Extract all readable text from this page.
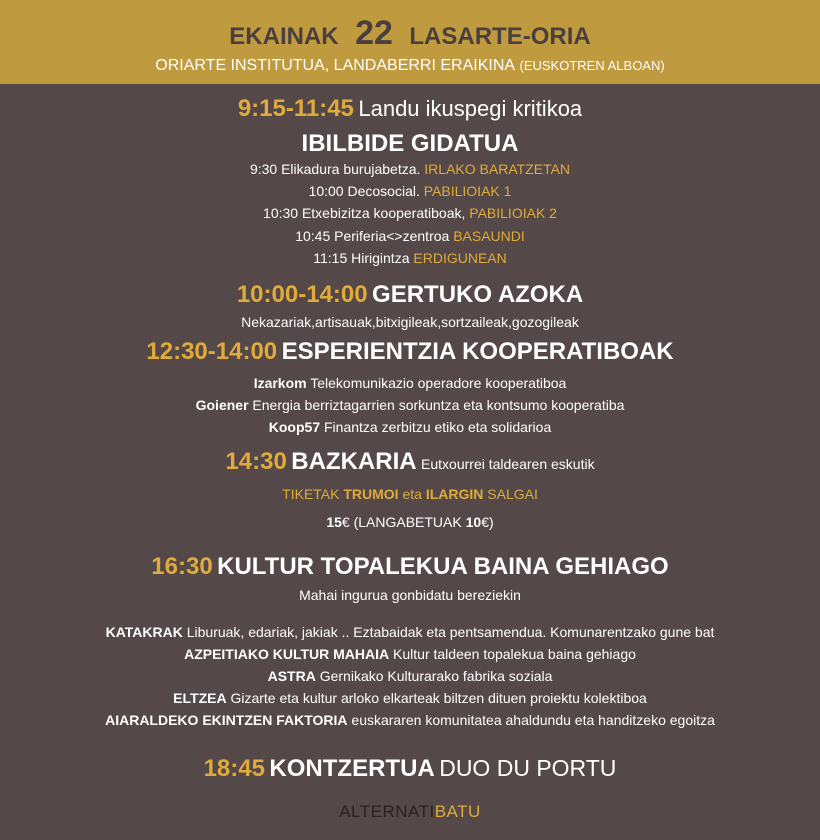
EKAINAK 22 LASARTE-ORIA
ORIARTE INSTITUTUA, LANDABERRI ERAIKINA (EUSKOTREN ALBOAN)
9:15-11:45 Landu ikuspegi kritikoa
IBILBIDE GIDATUA
9:30 Elikadura burujabetza. IRLAKO BARATZETAN
10:00 Decosocial. PABILIOIAK 1
10:30 Etxebizitza kooperatiboak, PABILIOIAK 2
10:45 Periferia<>zentroa BASAUNDI
11:15 Hirigintza ERDIGUNEAN
10:00-14:00 GERTUKO AZOKA
Nekazariak,artisauak,bitxigileak,sortzaileak,gozogileak
12:30-14:00 ESPERIENTZIA KOOPERATIBOAK
Izarkom Telekomunikazio operadore kooperatiboa
Goiener Energia berriztagarrien sorkuntza eta kontsumo kooperatiba
Koop57 Finantza zerbitzu etiko eta solidarioa
14:30 BAZKARIA Eutxourrei taldearen eskutik
TIKETAK TRUMOI eta ILARGIN SALGAI
15€ (LANGABETUAK 10€)
16:30 KULTUR TOPALEKUA BAINA GEHIAGO
Mahai ingurua gonbidatu bereziekin
KATAKRAK Liburuak, edariak, jakiak .. Eztabaidak eta pentsamendua. Komunarentzako gune bat
AZPEITIAKO KULTUR MAHAIA Kultur taldeen topalekua baina gehiago
ASTRA Gernikako Kulturarako fabrika soziala
ELTZEA Gizarte eta kultur arloko elkarteak biltzen dituen proiektu kolektiboa
AIARALDEKO EKINTZEN FAKTORIA euskararen komunitatea ahaldundu eta handitzeko egoitza
18:45 KONTZERTUA DUO DU PORTU
ALTERNATIBATU
